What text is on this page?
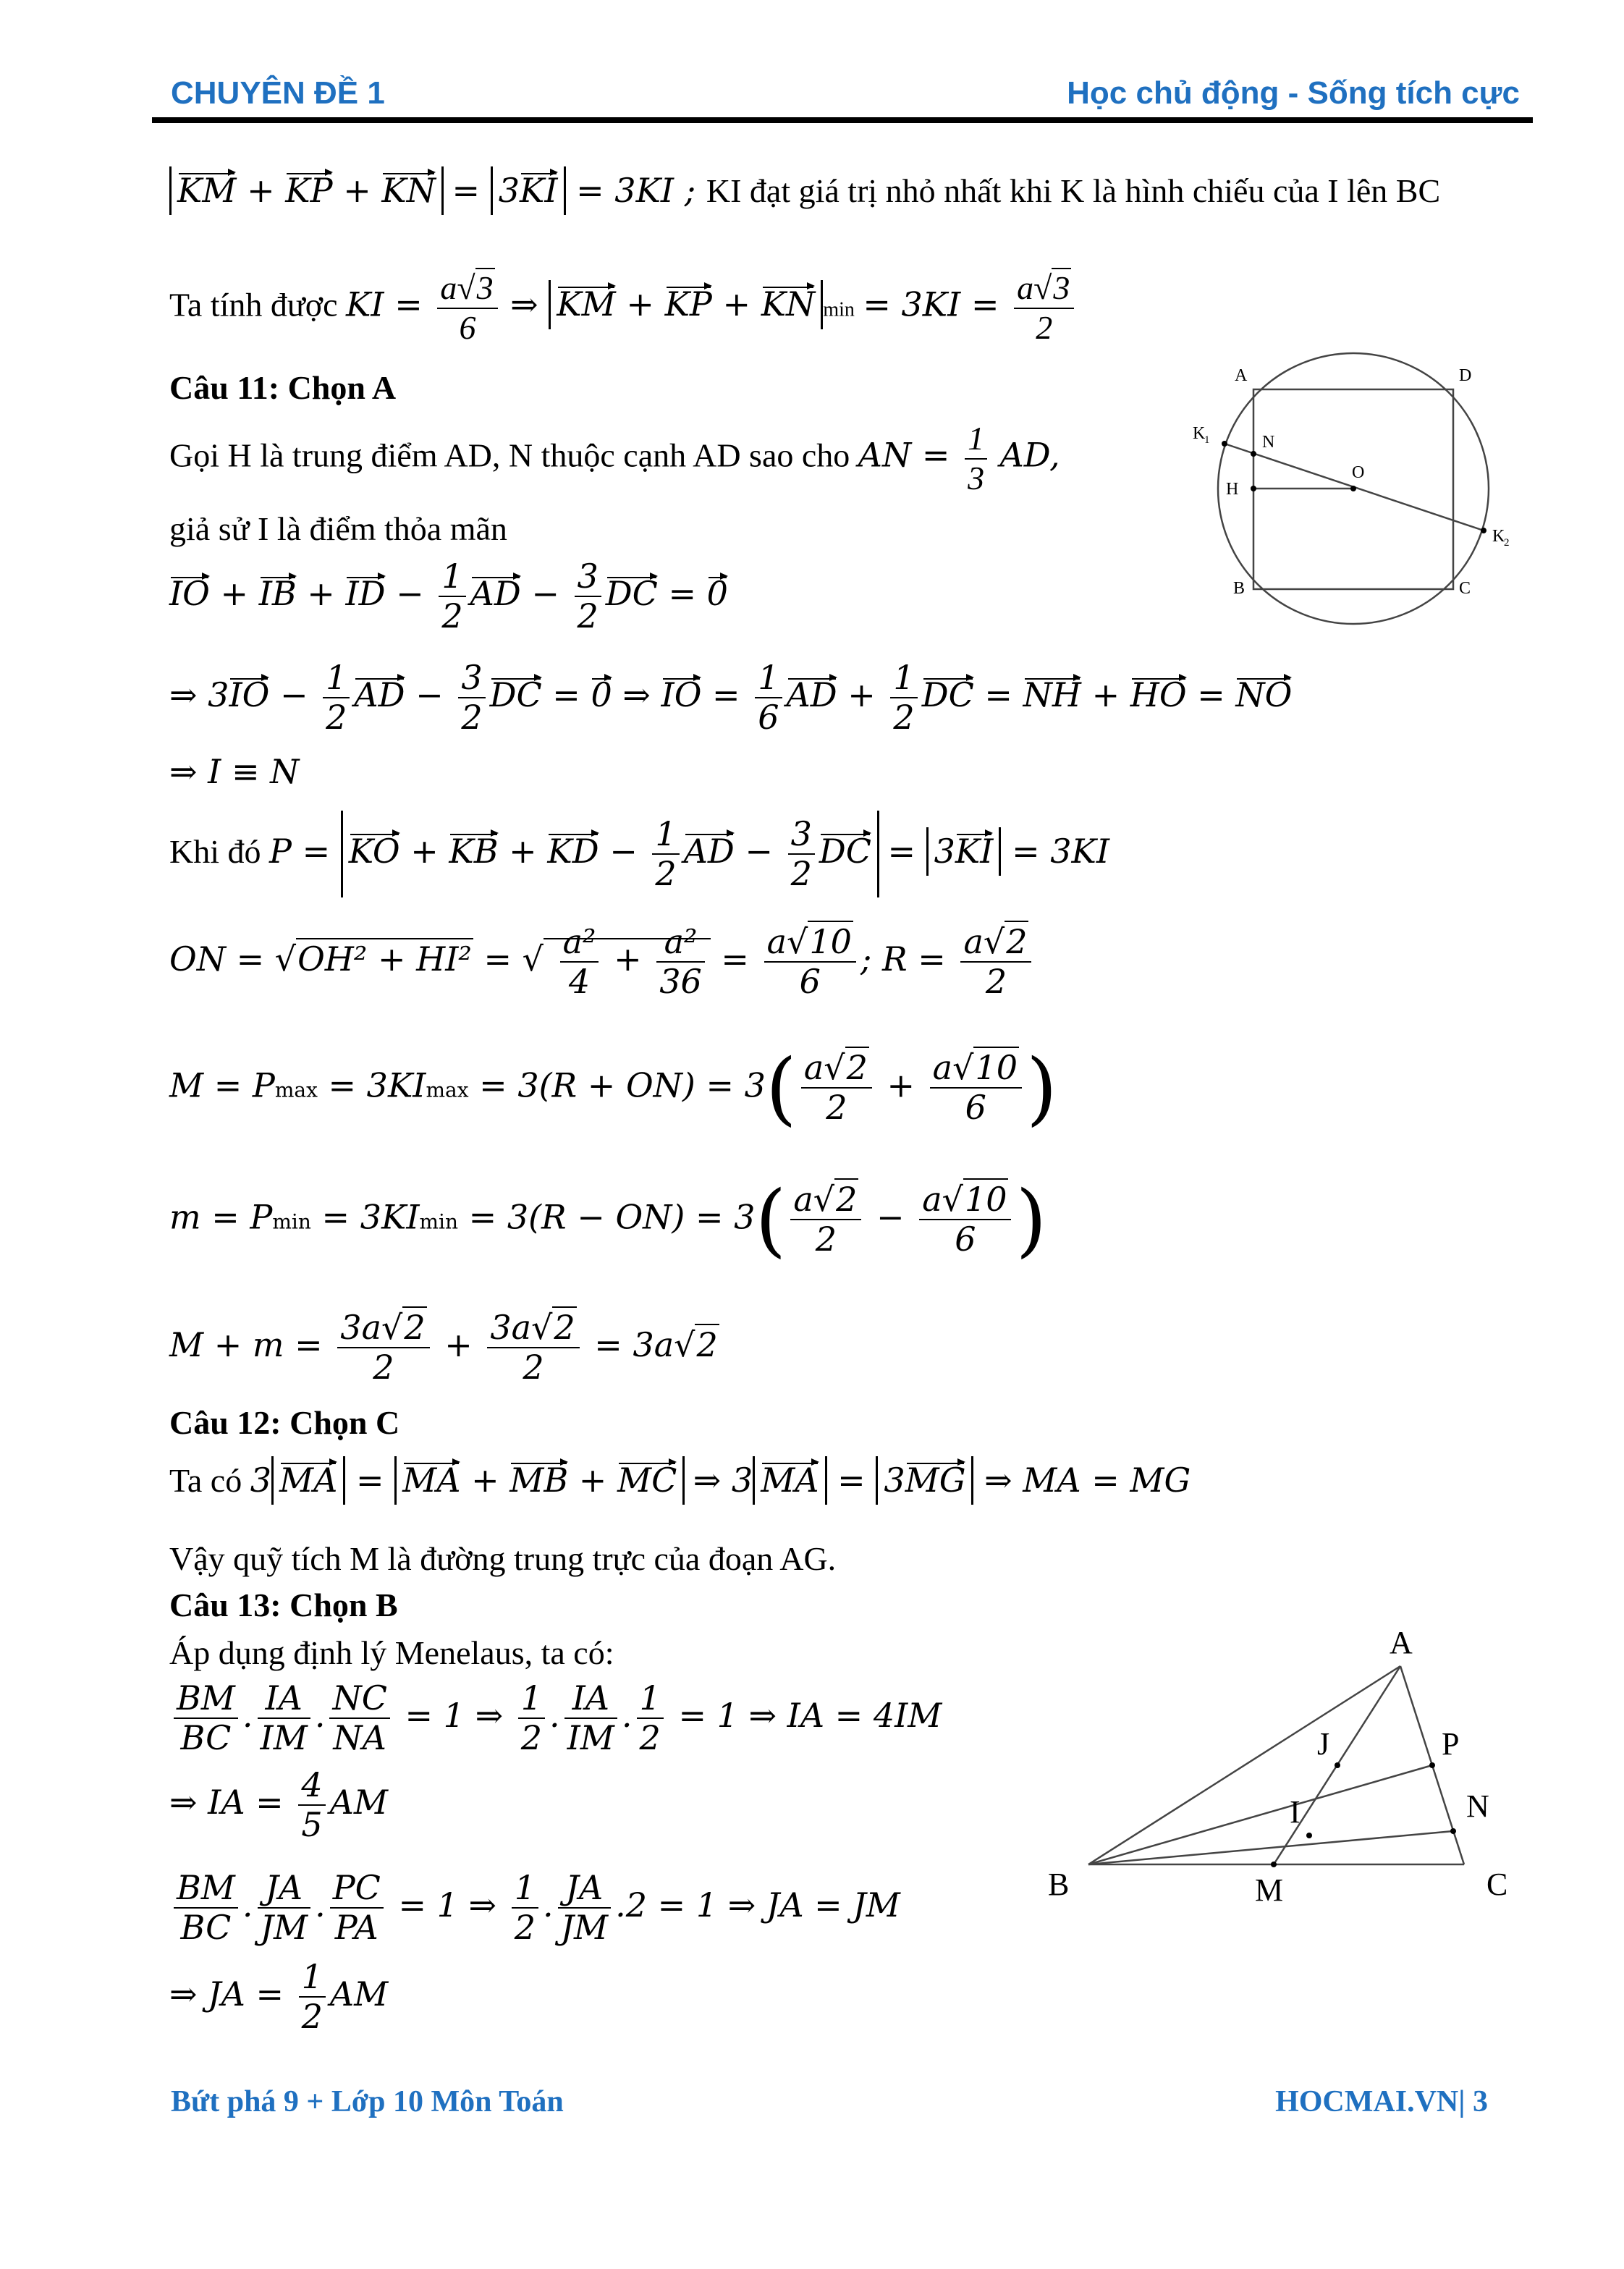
CHUYÊN ĐỀ 1	Học chủ động - Sống tích cực
KM + KP + KN = 3KI = 3KI ; KI đạt giá trị nhỏ nhất khi K là hình chiếu của I lên BC
Ta tính được KI = $\frac{a√3}{6}$ ⇒ KM + KP + KN $\min = 3KI = \frac{a√3}{2}$
Câu 11: Chọn A
Gọi H là trung điểm AD, N thuộc cạnh AD sao cho AN = $\frac{1}{3}$ AD,
giả sử I là điểm thỏa mãn
IO + IB + ID − $\frac{1}{2}$ AD − $\frac{3}{2}$ DC = 0
⇒ $3IO - \frac{1}{2}$ AD − $\frac{3}{2}$ DC = 0 ⇒ IO = $\frac{1}{6}$ AD + $\frac{1}{2}$ DC = NH + HO = NO
⇒ I ≡ N
Khi đó P = KO + KB + KD − $\frac{1}{2}$ AD − $\frac{3}{2}$ DC = 3KI = 3KI
ON = √OH² + HI² = √ $\frac{\text{a²}}{4} + \frac{\text{a²}}{36} = \frac{a√10}{6}$ ; $R = \frac{a√2}{2}$
$M = Pmax = 3KImax = 3(R + ON) = 3( \frac{a√2}{2} + \frac{a√10}{6}$ )
$m = Pmin = 3KImin = 3(R - ON) = 3( \frac{a√2}{2} - \frac{a√10}{6}$ )
$M + m = \frac{3a√2}{2} + \frac{3a√2}{2} = 3a√2$
Câu 12: Chọn C
Ta có 3 MA = MA + MB + MC ⇒ 3 MA = 3MG ⇒ MA = MG
Vậy quỹ tích M là đường trung trực của đoạn AG.
Câu 13: Chọn B
Áp dụng định lý Menelaus, ta có:
$\frac{BM}{BC}$ . $\frac{IA}{IM}$ . $\frac{NC}{NA} = 1$ ⇒ $\frac{1}{2}$ . $\frac{IA}{IM}$ . $\frac{1}{2} = 1$ ⇒ IA = 4IM
⇒ IA = $\frac{4}{5}$ AM
$\frac{BM}{BC}$ . $\frac{JA}{JM}$ . $\frac{PC}{PA} = 1$ ⇒ $\frac{1}{2}$ . $\frac{JA}{JM} .2 = 1$ ⇒ JA = JM
⇒ JA = $\frac{1}{2}$ AM
A	D
B	C
K
1	N
H
O
K
2
A
B	C
M
N
P
J
I
Bứt phá 9 + Lớp 10 Môn Toán	HOCMAI.VN| 3
